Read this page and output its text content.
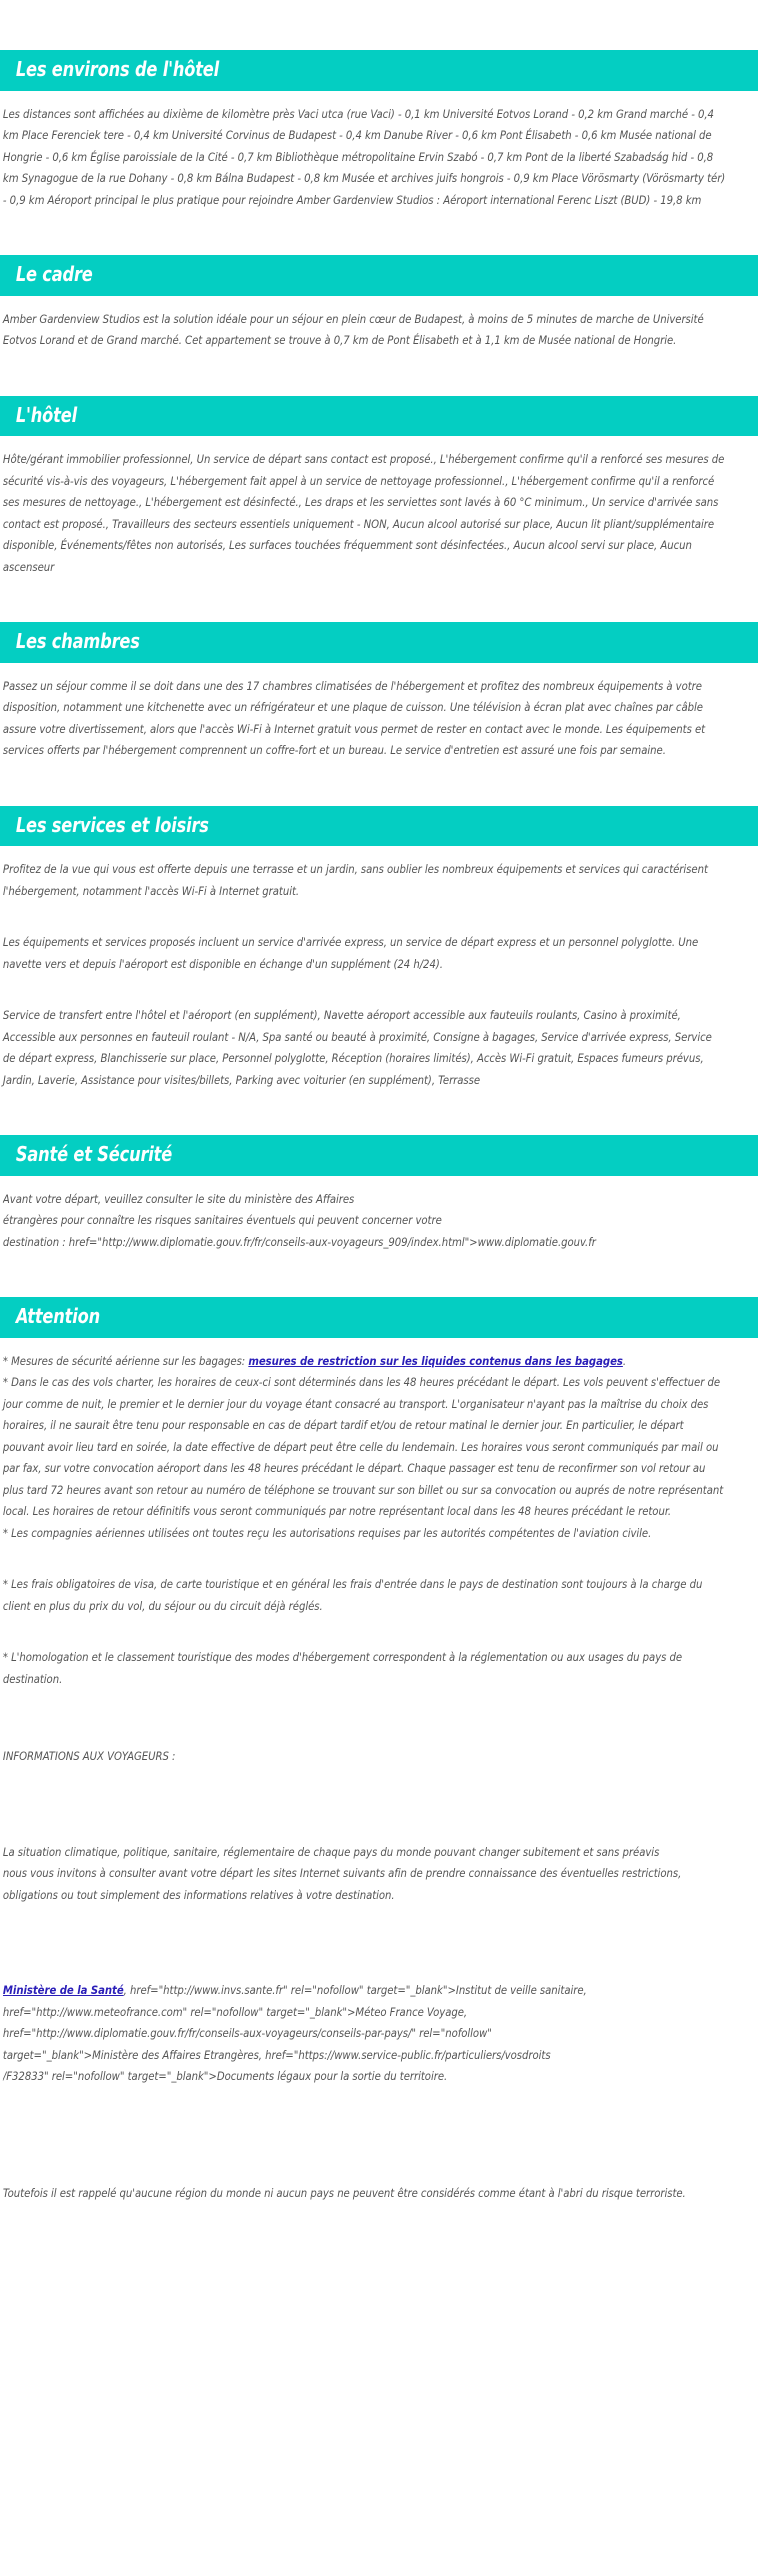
Les environs de l'hôtel

Les distances sont affichées au dixième de kilomètre près Vaci utca (rue Vaci) - 0,1 km Université Eotvos Lorand - 0,2 km Grand marché - 0,4 km Place Ferenciek tere - 0,4 km Université Corvinus de Budapest - 0,4 km Danube River - 0,6 km Pont Élisabeth - 0,6 km Musée national de Hongrie - 0,6 km Église paroissiale de la Cité - 0,7 km Bibliothèque métropolitaine Ervin Szabó - 0,7 km Pont de la liberté Szabadság hid - 0,8 km Synagogue de la rue Dohany - 0,8 km Bálna Budapest - 0,8 km Musée et archives juifs hongrois - 0,9 km Place Vörösmarty (Vörösmarty tér) - 0,9 km Aéroport principal le plus pratique pour rejoindre Amber Gardenview Studios : Aéroport international Ferenc Liszt (BUD) - 19,8 km

Le cadre

Amber Gardenview Studios est la solution idéale pour un séjour en plein cœur de Budapest, à moins de 5 minutes de marche de Université Eotvos Lorand et de Grand marché. Cet appartement se trouve à 0,7 km de Pont Élisabeth et à 1,1 km de Musée national de Hongrie.

L'hôtel

Hôte/gérant immobilier professionnel, Un service de départ sans contact est proposé., L'hébergement confirme qu'il a renforcé ses mesures de sécurité vis-à-vis des voyageurs, L'hébergement fait appel à un service de nettoyage professionnel., L'hébergement confirme qu'il a renforcé ses mesures de nettoyage., L'hébergement est désinfecté., Les draps et les serviettes sont lavés à 60 °C minimum., Un service d'arrivée sans contact est proposé., Travailleurs des secteurs essentiels uniquement - NON, Aucun alcool autorisé sur place, Aucun lit pliant/supplémentaire disponible, Événements/fêtes non autorisés, Les surfaces touchées fréquemment sont désinfectées., Aucun alcool servi sur place, Aucun ascenseur

Les chambres

Passez un séjour comme il se doit dans une des 17 chambres climatisées de l'hébergement et profitez des nombreux équipements à votre disposition, notamment une kitchenette avec un réfrigérateur et une plaque de cuisson. Une télévision à écran plat avec chaînes par câble assure votre divertissement, alors que l'accès Wi-Fi à Internet gratuit vous permet de rester en contact avec le monde. Les équipements et services offerts par l'hébergement comprennent un coffre-fort et un bureau. Le service d'entretien est assuré une fois par semaine.

Les services et loisirs

Profitez de la vue qui vous est offerte depuis une terrasse et un jardin, sans oublier les nombreux équipements et services qui caractérisent l'hébergement, notamment l'accès Wi-Fi à Internet gratuit.

Les équipements et services proposés incluent un service d'arrivée express, un service de départ express et un personnel polyglotte. Une navette vers et depuis l'aéroport est disponible en échange d'un supplément (24 h/24).

Service de transfert entre l'hôtel et l'aéroport (en supplément), Navette aéroport accessible aux fauteuils roulants, Casino à proximité, Accessible aux personnes en fauteuil roulant - N/A, Spa santé ou beauté à proximité, Consigne à bagages, Service d'arrivée express, Service de départ express, Blanchisserie sur place, Personnel polyglotte, Réception (horaires limités), Accès Wi-Fi gratuit, Espaces fumeurs prévus, Jardin, Laverie, Assistance pour visites/billets, Parking avec voiturier (en supplément), Terrasse

Santé et Sécurité

Avant votre départ, veuillez consulter le site du ministère des Affaires

étrangères pour connaître les risques sanitaires éventuels qui peuvent concerner votre

destination : href="http://www.diplomatie.gouv.fr/fr/conseils-aux-voyageurs_909/index.html">www.diplomatie.gouv.fr

Attention

* Mesures de sécurité aérienne sur les bagages: mesures de restriction sur les liquides contenus dans les bagages.

* Dans le cas des vols charter, les horaires de ceux-ci sont déterminés dans les 48 heures précédant le départ. Les vols peuvent s'effectuer de jour comme de nuit, le premier et le dernier jour du voyage étant consacré au transport. L'organisateur n'ayant pas la maîtrise du choix des horaires, il ne saurait être tenu pour responsable en cas de départ tardif et/ou de retour matinal le dernier jour. En particulier, le départ pouvant avoir lieu tard en soirée, la date effective de départ peut être celle du lendemain. Les horaires vous seront communiqués par mail ou par fax, sur votre convocation aéroport dans les 48 heures précédant le départ. Chaque passager est tenu de reconfirmer son vol retour au plus tard 72 heures avant son retour au numéro de téléphone se trouvant sur son billet ou sur sa convocation ou auprés de notre représentant local. Les horaires de retour définitifs vous seront communiqués par notre représentant local dans les 48 heures précédant le retour.

* Les compagnies aériennes utilisées ont toutes reçu les autorisations requises par les autorités compétentes de l'aviation civile.

* Les frais obligatoires de visa, de carte touristique et en général les frais d'entrée dans le pays de destination sont toujours à la charge du client en plus du prix du vol, du séjour ou du circuit déjà réglés.

* L'homologation et le classement touristique des modes d'hébergement correspondent à la réglementation ou aux usages du pays de destination.

INFORMATIONS AUX VOYAGEURS :

La situation climatique, politique, sanitaire, réglementaire de chaque pays du monde pouvant changer subitement et sans préavis

nous vous invitons à consulter avant votre départ les sites Internet suivants afin de prendre connaissance des éventuelles restrictions, obligations ou tout simplement des informations relatives à votre destination.

Ministère de la Santé, href="http://www.invs.sante.fr" rel="nofollow" target="_blank">Institut de veille sanitaire,

href="http://www.meteofrance.com" rel="nofollow" target="_blank">Méteo France Voyage,

href="http://www.diplomatie.gouv.fr/fr/conseils-aux-voyageurs/conseils-par-pays/" rel="nofollow"

target="_blank">Ministère des Affaires Etrangères, href="https://www.service-public.fr/particuliers/vosdroits

/F32833" rel="nofollow" target="_blank">Documents légaux pour la sortie du territoire.

Toutefois il est rappelé qu'aucune région du monde ni aucun pays ne peuvent être considérés comme étant à l'abri du risque terroriste.
